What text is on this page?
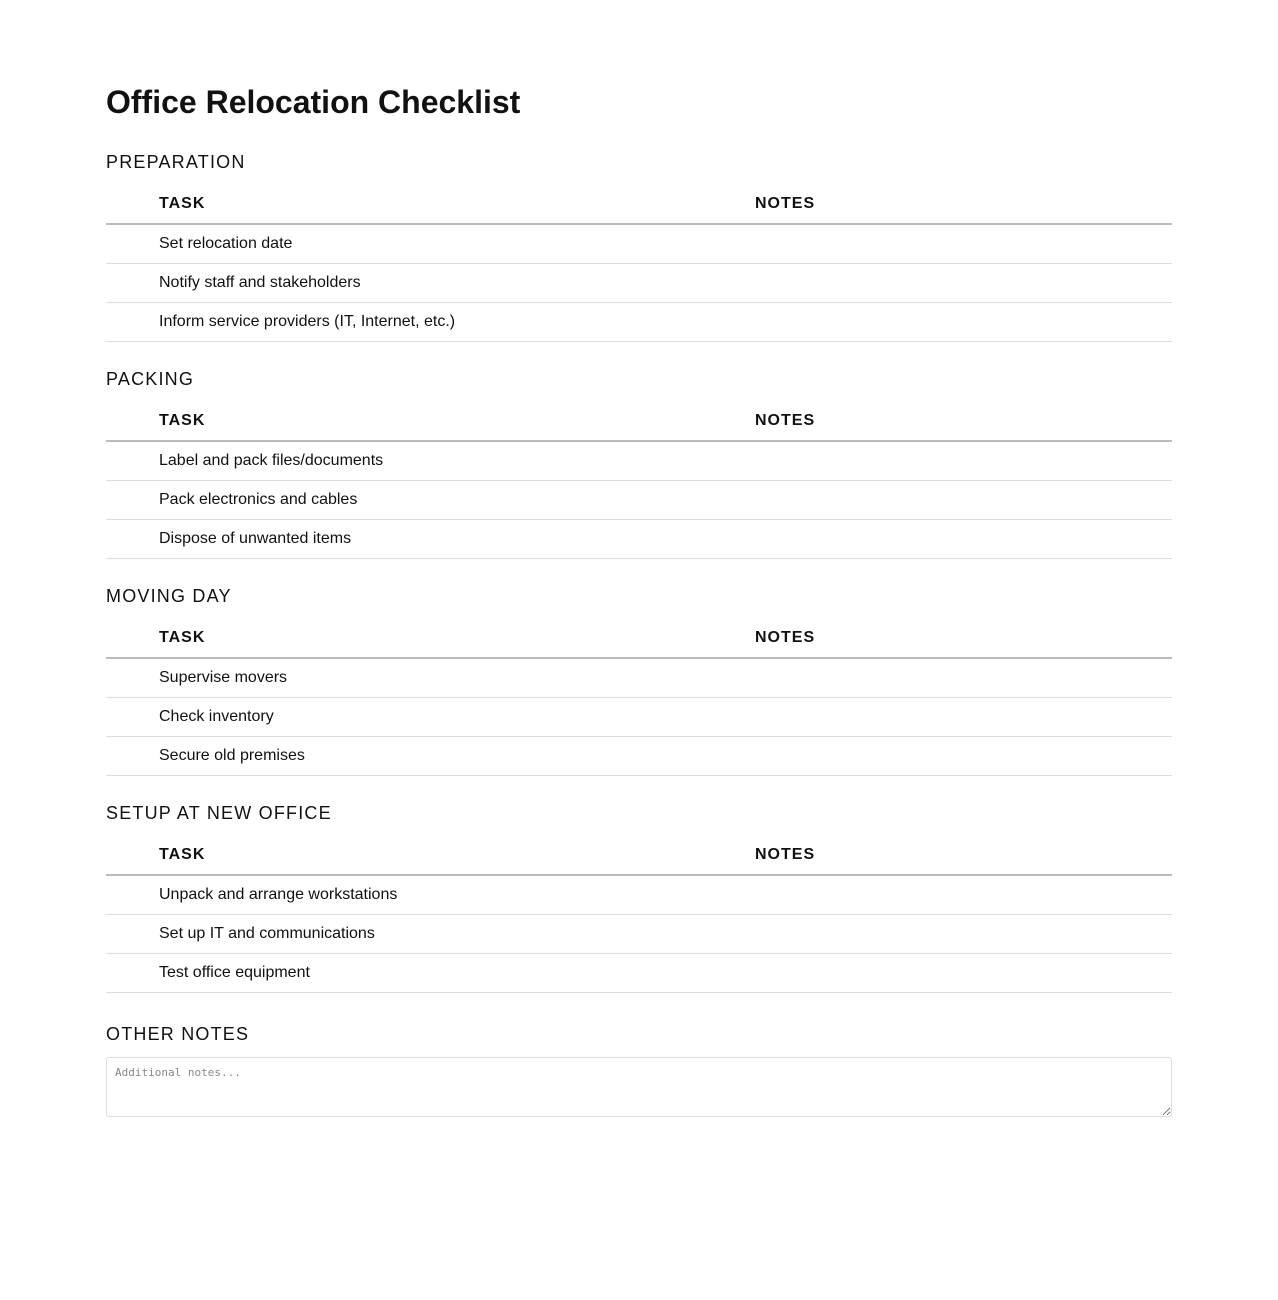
Office Relocation Checklist
PREPARATION
	TASK	NOTES
	Set relocation date	
	Notify staff and stakeholders	
	Inform service providers (IT, Internet, etc.)	
PACKING
	TASK	NOTES
	Label and pack files/documents	
	Pack electronics and cables	
	Dispose of unwanted items	
MOVING DAY
	TASK	NOTES
	Supervise movers	
	Check inventory	
	Secure old premises	
SETUP AT NEW OFFICE
	TASK	NOTES
	Unpack and arrange workstations	
	Set up IT and communications	
	Test office equipment	
OTHER NOTES
Additional notes...
